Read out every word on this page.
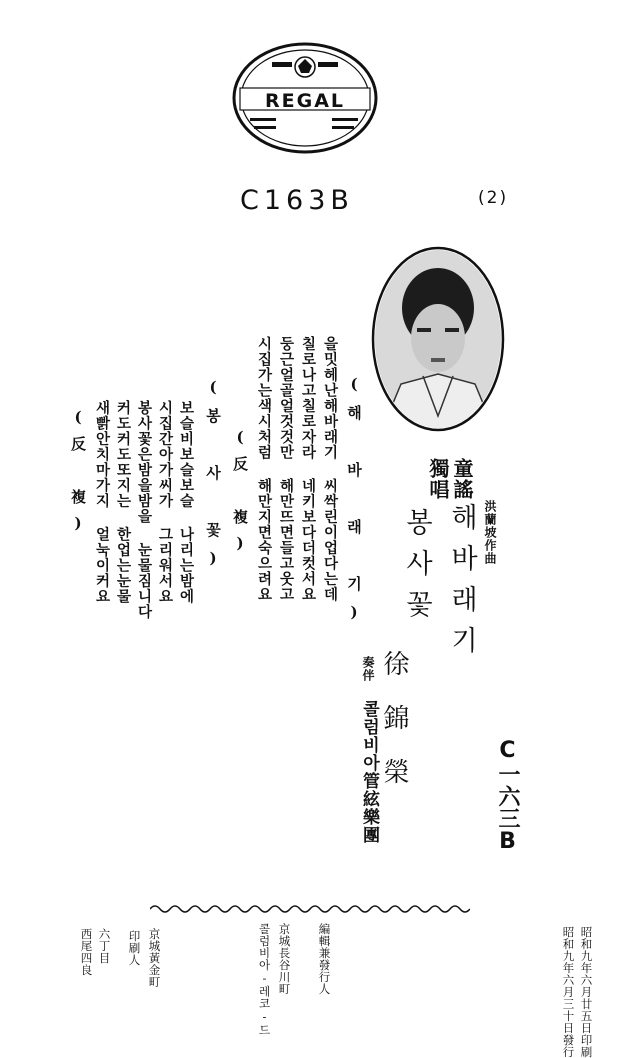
REGAL
C163B	(2)
洪蘭坡作曲
童謠
獨唱
해바래기
봉사꽃
徐錦榮
奏伴
콜럼비아管絃樂團	C一六三B
(해 바 래 기)
을밋헤난해바래기 씨싹린이업다는데
칠로나고칠로자라 네키보다더컷서요
둥근얼골얼것것만 해만뜨면들고웃고
시집가는색시처럼 해만지면숙으려요
(反 複)
(봉 사 꽃)
보슬비보슬보슬 나리는밤에
시집간아가씨가 그리워서요
봉사꽃은밤을밤을 눈물짐니다
커도커도또지는 한업는눈물
새빩안치마가지 얼눅이커요
(反 複)
昭和九年六月廿五日印刷
昭和九年六月三十日發行
編輯兼發行人
京城長谷川町
콜럼비아-레코-드
京城黃金町
印刷人
六丁目
西尾四良
